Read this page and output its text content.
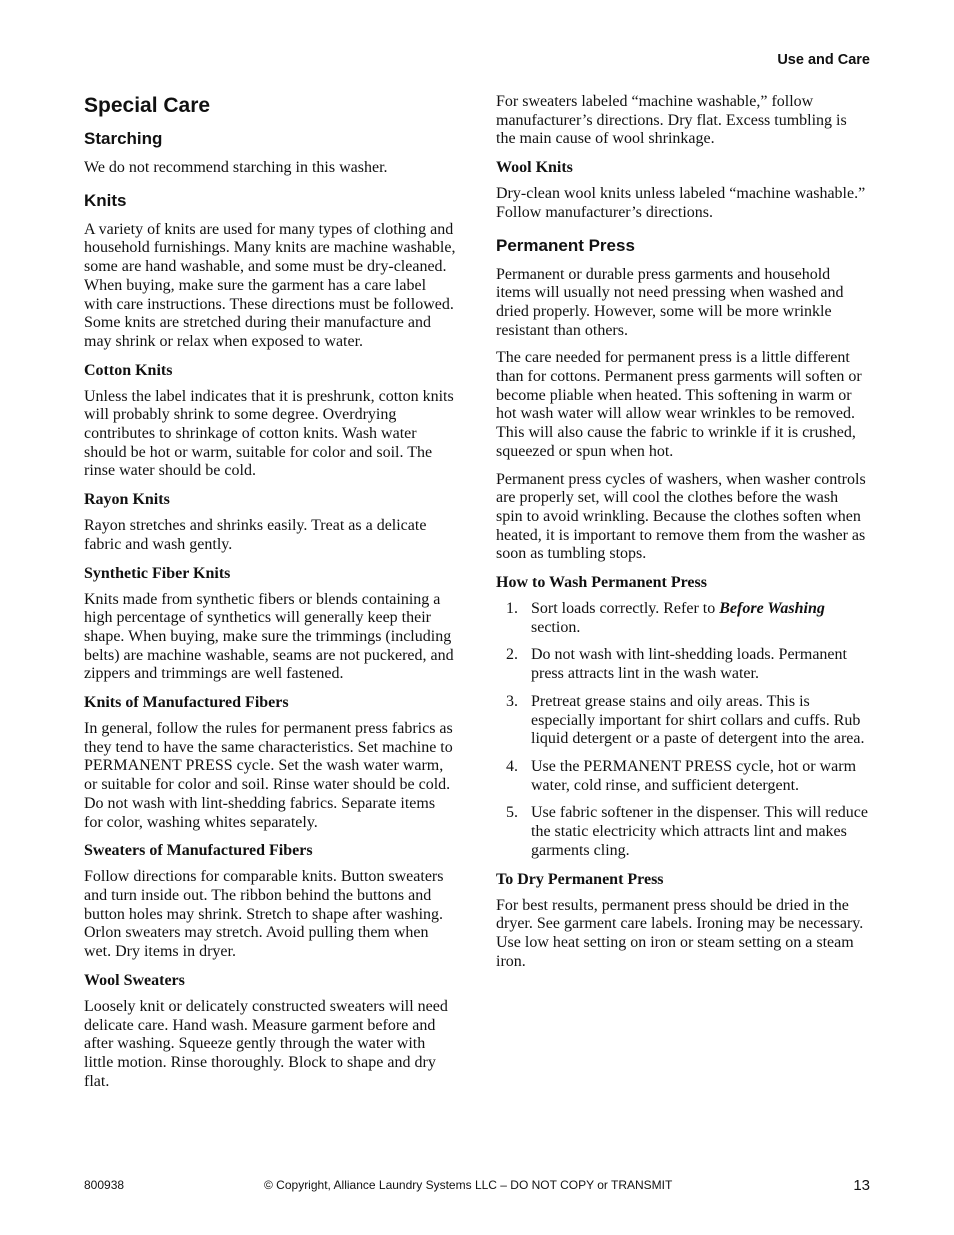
Use and Care
Special Care
Starching

We do not recommend starching in this washer.

Knits

A variety of knits are used for many types of clothing and household furnishings. Many knits are machine washable, some are hand washable, and some must be dry-cleaned. When buying, make sure the garment has a care label with care instructions. These directions must be followed. Some knits are stretched during their manufacture and may shrink or relax when exposed to water.

Cotton Knits

Unless the label indicates that it is preshrunk, cotton knits will probably shrink to some degree. Overdrying contributes to shrinkage of cotton knits. Wash water should be hot or warm, suitable for color and soil. The rinse water should be cold.

Rayon Knits

Rayon stretches and shrinks easily. Treat as a delicate fabric and wash gently.

Synthetic Fiber Knits

Knits made from synthetic fibers or blends containing a high percentage of synthetics will generally keep their shape. When buying, make sure the trimmings (including belts) are machine washable, seams are not puckered, and zippers and trimmings are well fastened.

Knits of Manufactured Fibers

In general, follow the rules for permanent press fabrics as they tend to have the same characteristics. Set machine to PERMANENT PRESS cycle. Set the wash water warm, or suitable for color and soil. Rinse water should be cold. Do not wash with lint-shedding fabrics. Separate items for color, washing whites separately.

Sweaters of Manufactured Fibers

Follow directions for comparable knits. Button sweaters and turn inside out. The ribbon behind the buttons and button holes may shrink. Stretch to shape after washing. Orlon sweaters may stretch. Avoid pulling them when wet. Dry items in dryer.

Wool Sweaters

Loosely knit or delicately constructed sweaters will need delicate care. Hand wash. Measure garment before and after washing. Squeeze gently through the water with little motion. Rinse thoroughly. Block to shape and dry flat.

For sweaters labeled “machine washable,” follow manufacturer’s directions. Dry flat. Excess tumbling is the main cause of wool shrinkage.

Wool Knits

Dry-clean wool knits unless labeled “machine washable.” Follow manufacturer’s directions.

Permanent Press

Permanent or durable press garments and household items will usually not need pressing when washed and dried properly. However, some will be more wrinkle resistant than others.

The care needed for permanent press is a little different than for cottons. Permanent press garments will soften or become pliable when heated. This softening in warm or hot wash water will allow wear wrinkles to be removed. This will also cause the fabric to wrinkle if it is crushed, squeezed or spun when hot.

Permanent press cycles of washers, when washer controls are properly set, will cool the clothes before the wash spin to avoid wrinkling. Because the clothes soften when heated, it is important to remove them from the washer as soon as tumbling stops.

How to Wash Permanent Press
1. Sort loads correctly. Refer to Before Washing section.
2. Do not wash with lint-shedding loads. Permanent press attracts lint in the wash water.
3. Pretreat grease stains and oily areas. This is especially important for shirt collars and cuffs. Rub liquid detergent or a paste of detergent into the area.
4. Use the PERMANENT PRESS cycle, hot or warm water, cold rinse, and sufficient detergent.
5. Use fabric softener in the dispenser. This will reduce the static electricity which attracts lint and makes garments cling.
To Dry Permanent Press

For best results, permanent press should be dried in the dryer. See garment care labels. Ironing may be necessary. Use low heat setting on iron or steam setting on a steam iron.

800938	© Copyright, Alliance Laundry Systems LLC – DO NOT COPY or TRANSMIT	13
